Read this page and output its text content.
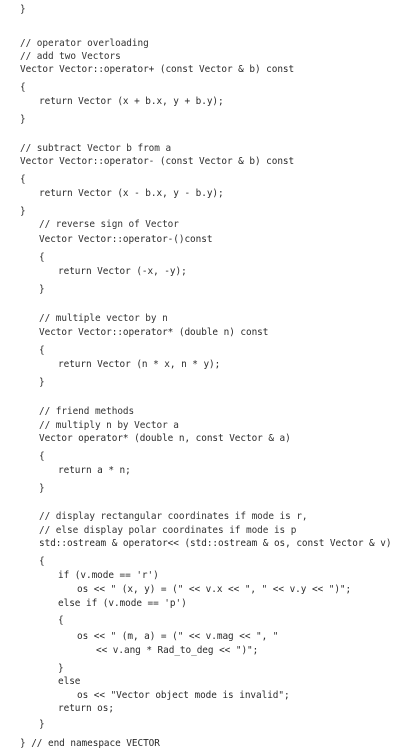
}
// operator overloading
// add two Vectors
Vector Vector::operator+ (const Vector & b) const
{
return Vector (x + b.x, y + b.y);
}
// subtract Vector b from a
Vector Vector::operator- (const Vector & b) const
{
return Vector (x - b.x, y - b.y);
}
// reverse sign of Vector
Vector Vector::operator-()const
{
return Vector (-x, -y);
}
// multiple vector by n
Vector Vector::operator* (double n) const
{
return Vector (n * x, n * y);
}
// friend methods
// multiply n by Vector a
Vector operator* (double n, const Vector & a)
{
return a * n;
}
// display rectangular coordinates if mode is r,
// else display polar coordinates if mode is p
std::ostream & operator<< (std::ostream & os, const Vector & v)
{
if (v.mode == 'r')
os << " (x, y) = (" << v.x << ", " << v.y << ")";
else if (v.mode == 'p')
{
os << " (m, a) = (" << v.mag << ", "
<< v.ang * Rad_to_deg << ")";
}
else
os << "Vector object mode is invalid";
return os;
}
} // end namespace VECTOR
